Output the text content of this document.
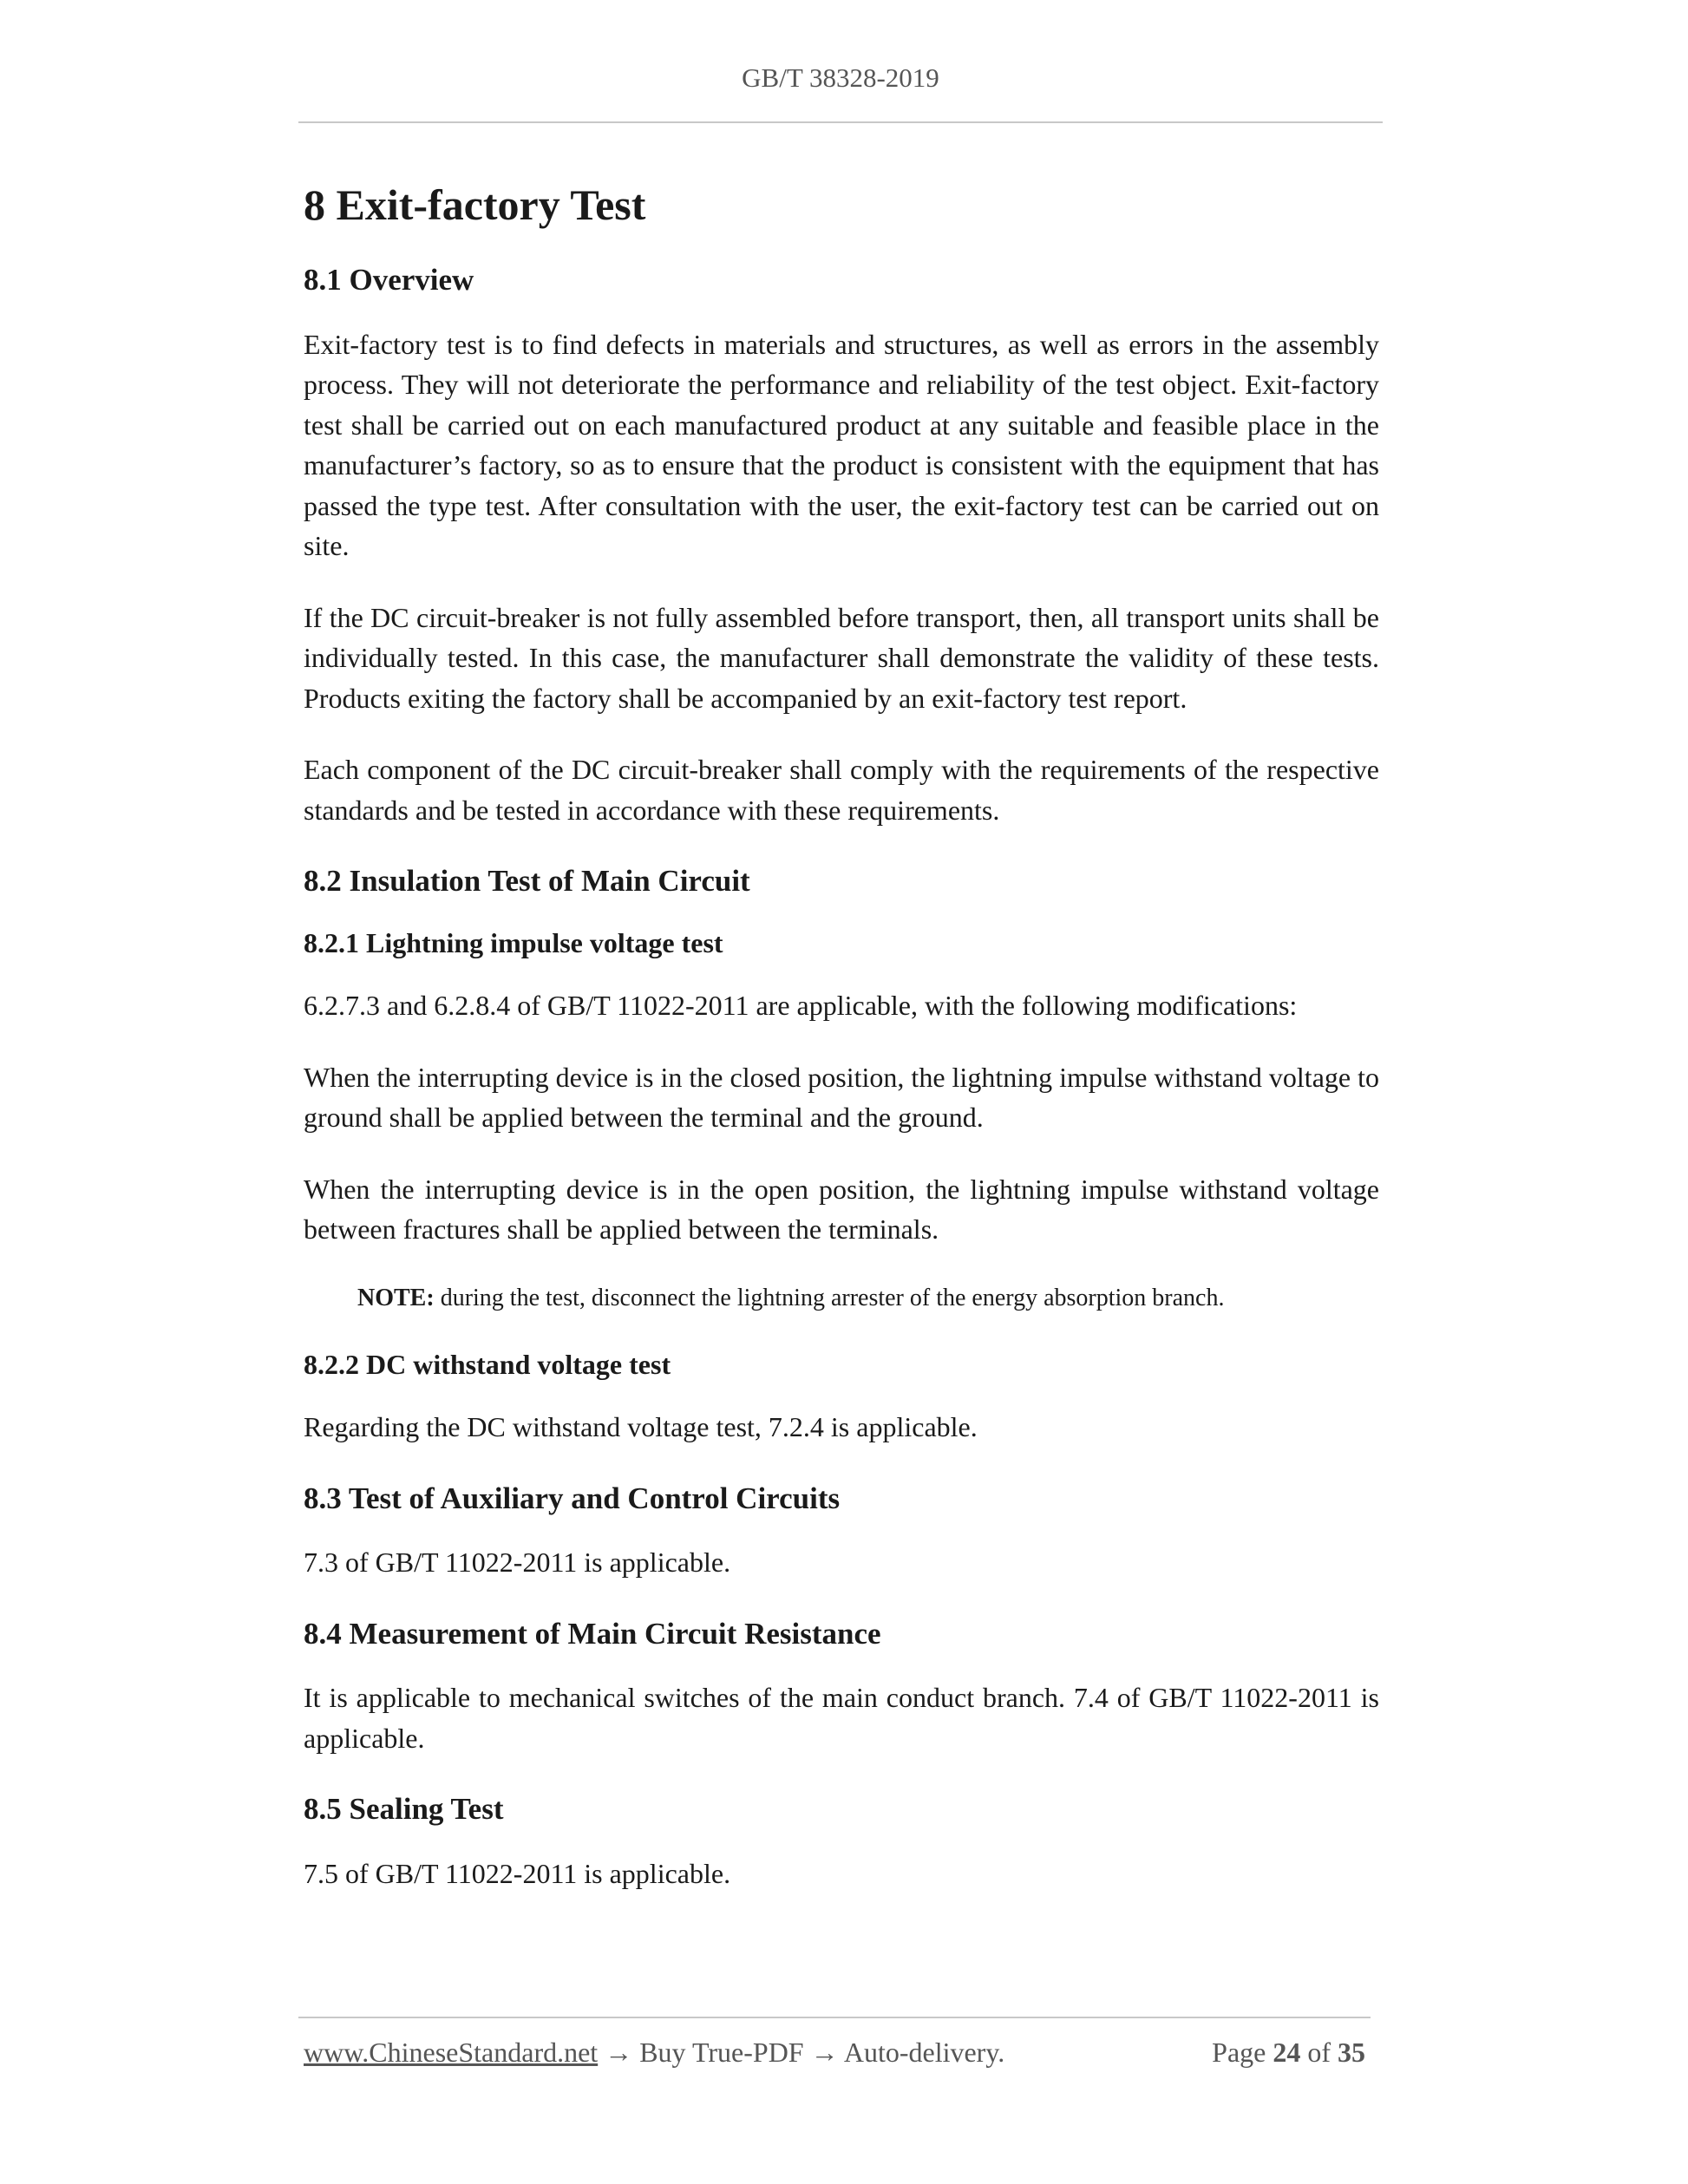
GB/T 38328-2019
8 Exit-factory Test
8.1 Overview

Exit-factory test is to find defects in materials and structures, as well as errors in the assembly process. They will not deteriorate the performance and reliability of the test object. Exit-factory test shall be carried out on each manufactured product at any suitable and feasible place in the manufacturer’s factory, so as to ensure that the product is consistent with the equipment that has passed the type test. After consultation with the user, the exit-factory test can be carried out on site.

If the DC circuit-breaker is not fully assembled before transport, then, all transport units shall be individually tested. In this case, the manufacturer shall demonstrate the validity of these tests. Products exiting the factory shall be accompanied by an exit-factory test report.

Each component of the DC circuit-breaker shall comply with the requirements of the respective standards and be tested in accordance with these requirements.

8.2 Insulation Test of Main Circuit
8.2.1 Lightning impulse voltage test

6.2.7.3 and 6.2.8.4 of GB/T 11022-2011 are applicable, with the following modifications:

When the interrupting device is in the closed position, the lightning impulse withstand voltage to ground shall be applied between the terminal and the ground.

When the interrupting device is in the open position, the lightning impulse withstand voltage between fractures shall be applied between the terminals.

NOTE: during the test, disconnect the lightning arrester of the energy absorption branch.

8.2.2 DC withstand voltage test

Regarding the DC withstand voltage test, 7.2.4 is applicable.

8.3 Test of Auxiliary and Control Circuits

7.3 of GB/T 11022-2011 is applicable.

8.4 Measurement of Main Circuit Resistance

It is applicable to mechanical switches of the main conduct branch. 7.4 of GB/T 11022-2011 is applicable.

8.5 Sealing Test

7.5 of GB/T 11022-2011 is applicable.

www.ChineseStandard.net → Buy True-PDF → Auto-delivery.	Page 24 of 35
